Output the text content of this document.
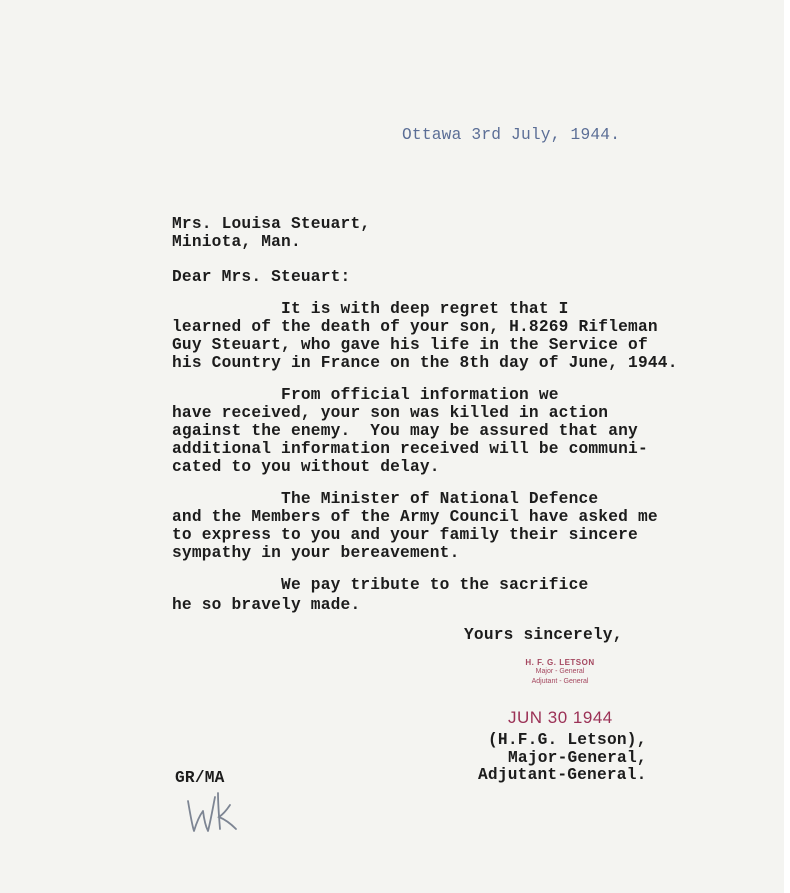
Ottawa 3rd July, 1944.

Mrs. Louisa Steuart,

Miniota, Man.

Dear Mrs. Steuart:

It is with deep regret that I

learned of the death of your son, H.8269 Rifleman

Guy Steuart, who gave his life in the Service of

his Country in France on the 8th day of June, 1944.

From official information we

have received, your son was killed in action

against the enemy.  You may be assured that any

additional information received will be communi-

cated to you without delay.

The Minister of National Defence

and the Members of the Army Council have asked me

to express to you and your family their sincere

sympathy in your bereavement.

We pay tribute to the sacrifice

he so bravely made.

Yours sincerely,

H. F. G. LETSON
Major - General
Adjutant - General
JUN 30 1944

(H.F.G. Letson),

Major-General,

Adjutant-General.

GR/MA
